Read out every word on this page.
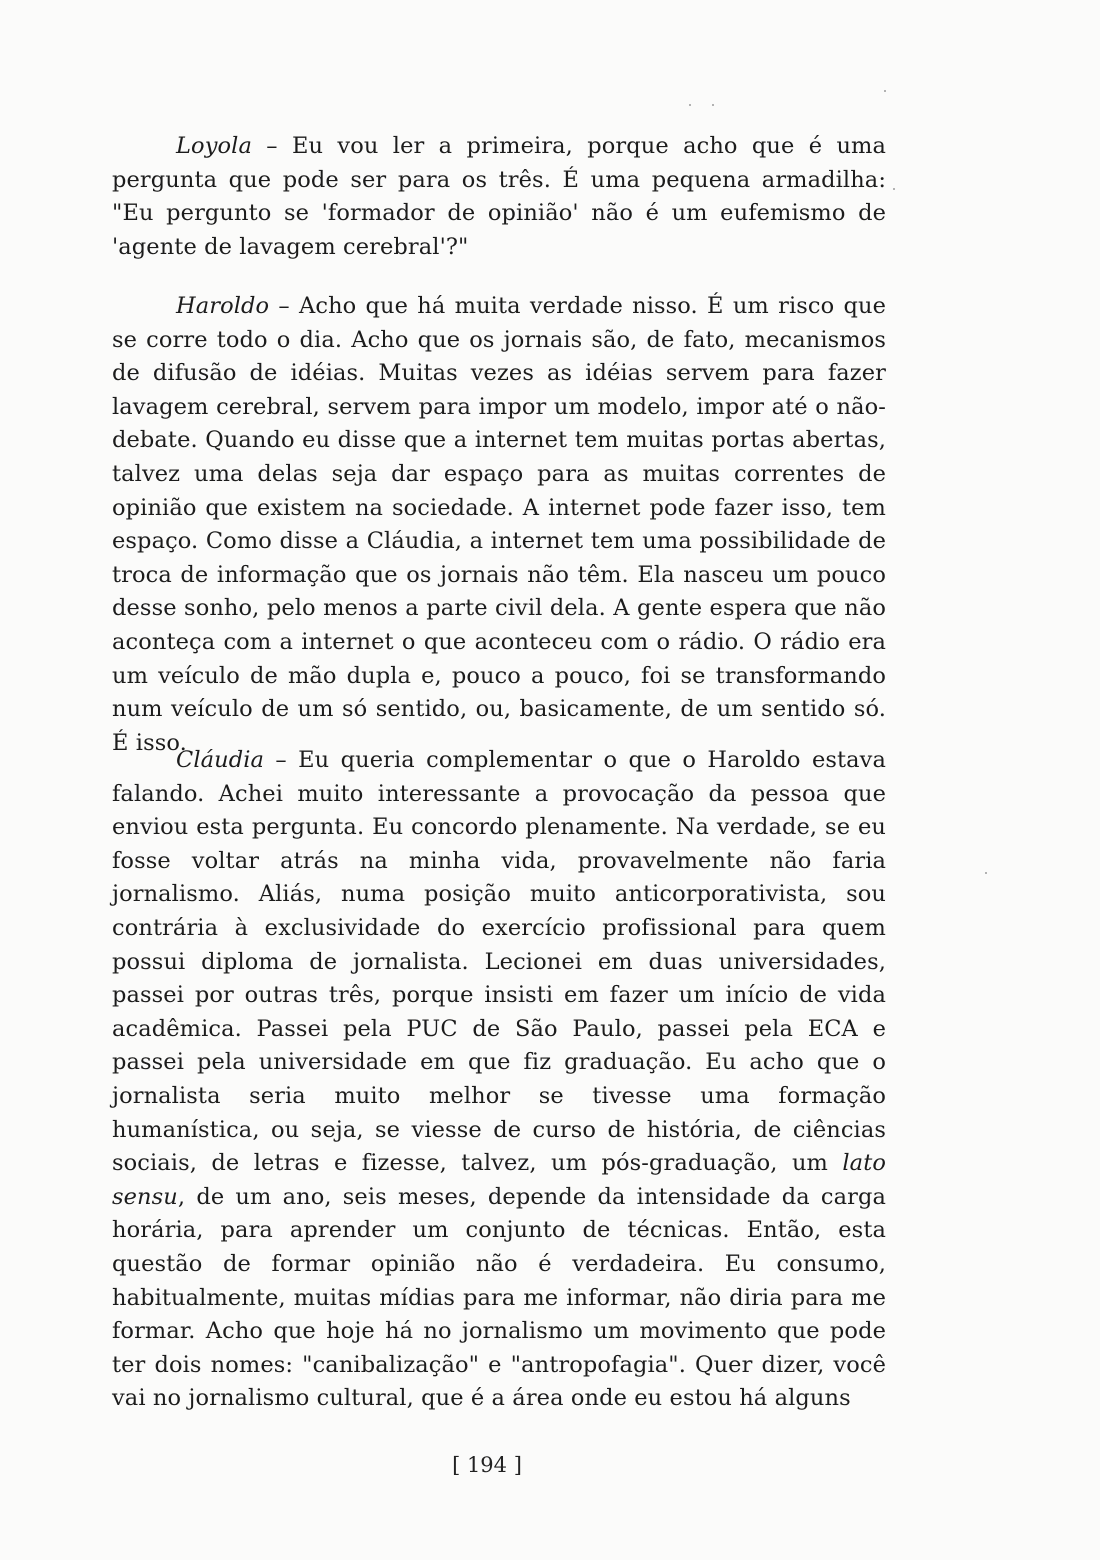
Loyola – Eu vou ler a primeira, porque acho que é uma pergunta que pode ser para os três. É uma pequena armadilha: "Eu pergunto se 'formador de opinião' não é um eufemismo de 'agente de lavagem cerebral'?"

Haroldo – Acho que há muita verdade nisso. É um risco que se corre todo o dia. Acho que os jornais são, de fato, mecanismos de difusão de idéias. Muitas vezes as idéias servem para fazer lavagem cerebral, servem para impor um modelo, impor até o não-debate. Quando eu disse que a internet tem muitas portas abertas, talvez uma delas seja dar espaço para as muitas correntes de opinião que existem na sociedade. A internet pode fazer isso, tem espaço. Como disse a Cláudia, a internet tem uma possibilidade de troca de informação que os jornais não têm. Ela nasceu um pouco desse sonho, pelo menos a parte civil dela. A gente espera que não aconteça com a internet o que aconteceu com o rádio. O rádio era um veículo de mão dupla e, pouco a pouco, foi se transformando num veículo de um só sentido, ou, basicamente, de um sentido só. É isso.

Cláudia – Eu queria complementar o que o Haroldo estava falando. Achei muito interessante a provocação da pessoa que enviou esta pergunta. Eu concordo plenamente. Na verdade, se eu fosse voltar atrás na minha vida, provavelmente não faria jornalismo. Aliás, numa posição muito anticorporativista, sou contrária à exclusividade do exercício profissional para quem possui diploma de jornalista. Lecionei em duas universidades, passei por outras três, porque insisti em fazer um início de vida acadêmica. Passei pela PUC de São Paulo, passei pela ECA e passei pela universidade em que fiz graduação. Eu acho que o jornalista seria muito melhor se tivesse uma formação humanística, ou seja, se viesse de curso de história, de ciências sociais, de letras e fizesse, talvez, um pós-graduação, um lato sensu, de um ano, seis meses, depende da intensidade da carga horária, para aprender um conjunto de técnicas. Então, esta questão de formar opinião não é verdadeira. Eu consumo, habitualmente, muitas mídias para me informar, não diria para me formar. Acho que hoje há no jornalismo um movimento que pode ter dois nomes: "canibalização" e "antropofagia". Quer dizer, você vai no jornalismo cultural, que é a área onde eu estou há alguns

[ 194 ]
